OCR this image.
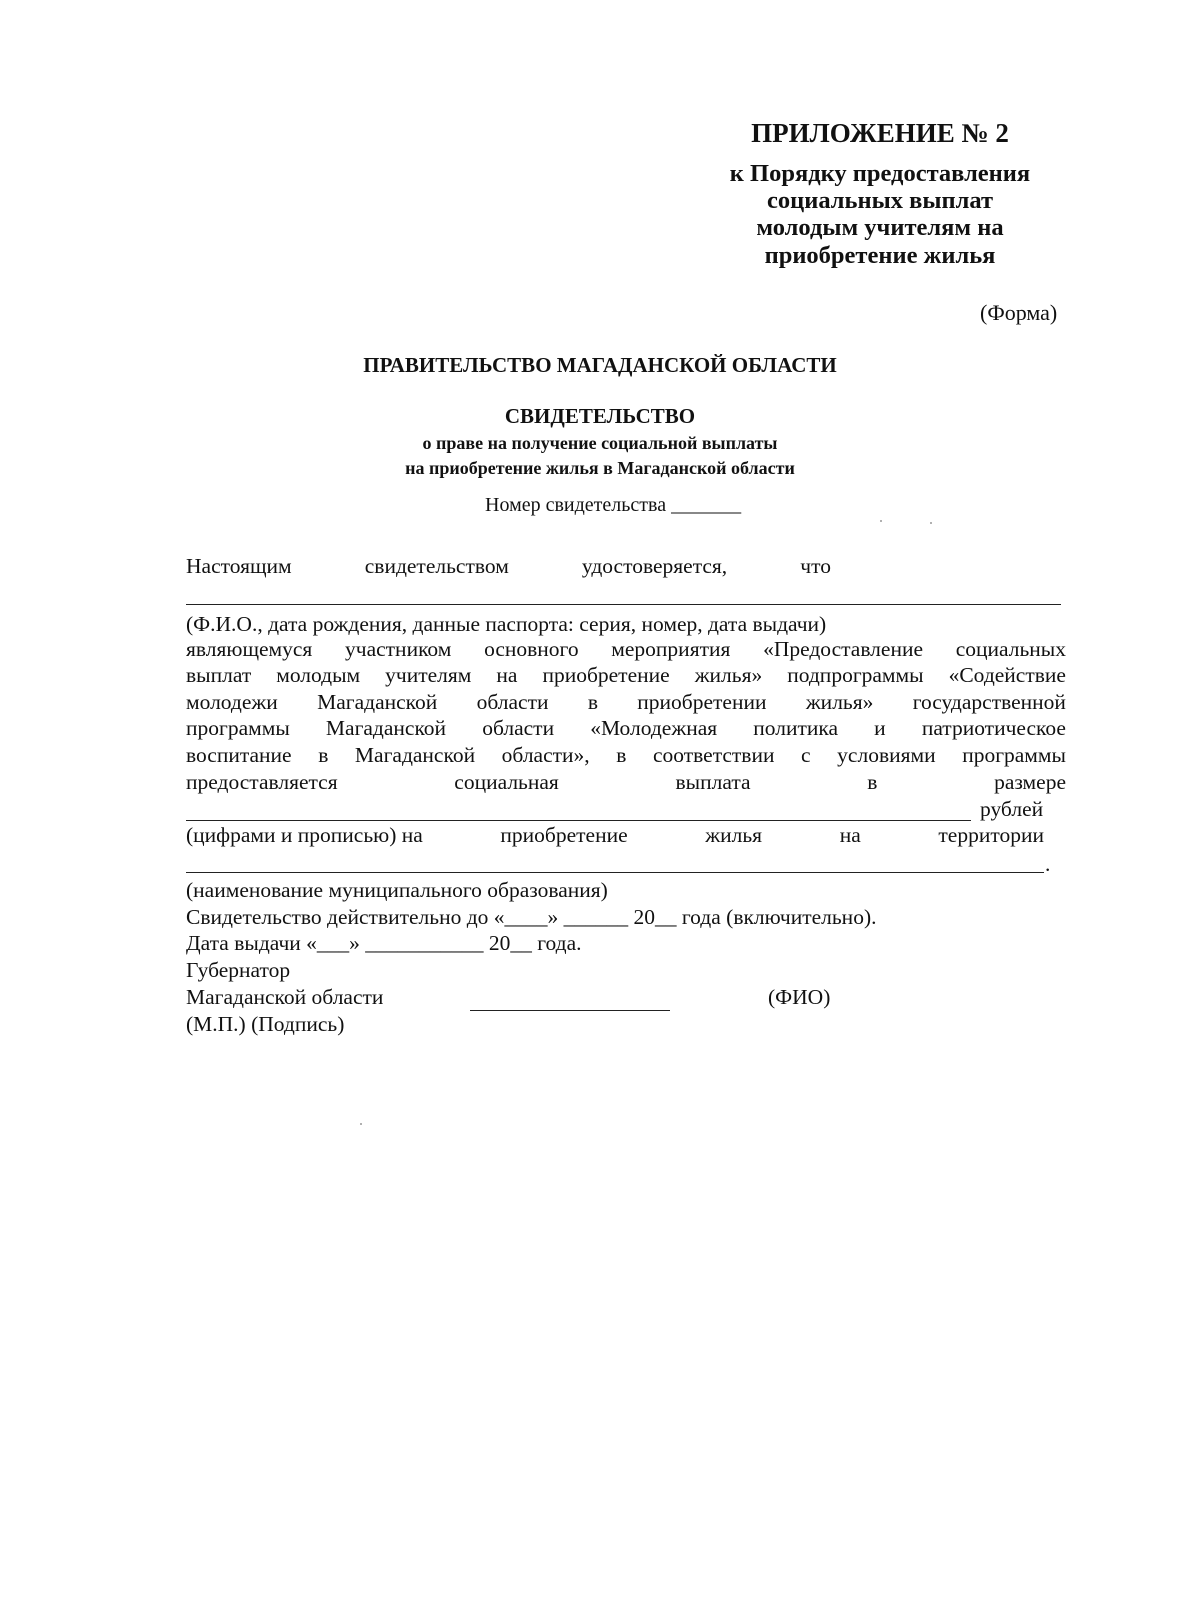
ПРИЛОЖЕНИЕ № 2
к Порядку предоставления
социальных выплат
молодым учителям на
приобретение жилья
(Форма)
ПРАВИТЕЛЬСТВО МАГАДАНСКОЙ ОБЛАСТИ
СВИДЕТЕЛЬСТВО
о праве на получение социальной выплаты
на приобретение жилья в Магаданской области
Номер свидетельства _______
Настоящим	свидетельством	удостоверяется,	что
(Ф.И.О., дата рождения, данные паспорта: серия, номер, дата выдачи)
являющемуся участником основного мероприятия «Предоставление социальных
выплат молодым учителям на приобретение жилья» подпрограммы «Содействие
молодежи Магаданской области в приобретении жилья» государственной
программы Магаданской области «Молодежная политика и патриотическое
воспитание в Магаданской области», в соответствии с условиями программы
предоставляется	социальная	выплата	в	размере
рублей
(цифрами и прописью) на	приобретение	жилья	на	территории
.
(наименование муниципального образования)
Свидетельство действительно до «____» ______ 20__ года (включительно).
Дата выдачи «___» ___________ 20__ года.
Губернатор
Магаданской области	(ФИО)
(М.П.) (Подпись)
